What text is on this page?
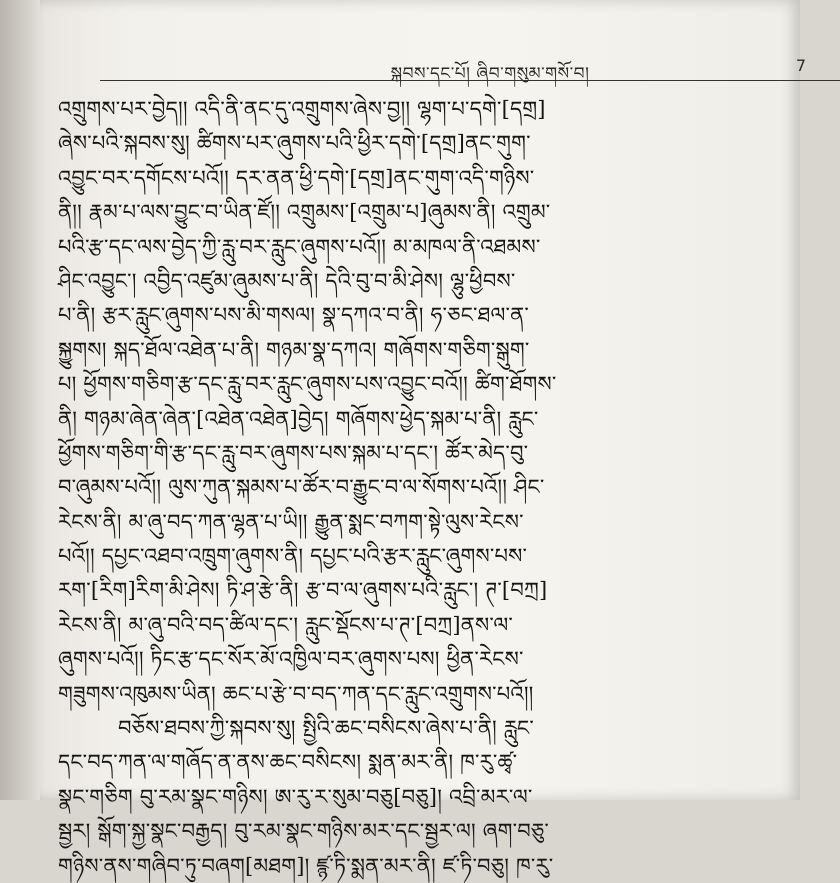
སྐབས་དང་པོ། ཞིབ་གསུམ་གསོ་བ།	7
འགྲུགས་པར་བྱེད།། འདི་ནི་ནང་དུ་འགྲུགས་ཞེས་བྱ།། ལྷག་པ་དགེ་[དགྲ]
ཞེས་པའི་སྐབས་སུ། ཚིགས་པར་ཞུགས་པའི་ཕྱིར་དགེ་[དགྲ]ནང་གུག་
འབྱུང་བར་དགོངས་པའོ།། དར་ནན་ཕྱི་དགེ་[དགྲ]ནང་གུག་འདི་གཉིས་
ནི།། རྣམ་པ་ལས་བྱུང་བ་ཡིན་ཛོ།། འགྲུམས་[འགྲུམ་པ]ཞུམས་ནི། འགྲུམ་
པའི་རྩ་དང་ལས་བྱེད་ཀྱི་རླུ་བར་རླུང་ཞུགས་པའོ།། མ་མཁལ་ནི་འཐམས་
ཤིང་འབྱུང་། འབྱིད་འཛུམ་ཞུམས་པ་ནི། དེའི་བུ་བ་མི་ཤེས། ལྷུ་ཕྱིབས་
པ་ནི། རྩར་རླུང་ཞུགས་པས་མི་གསལ། སྣ་དཀའ་བ་ནི། ཧ་ཅང་ཐལ་ན་
སྐྱུགས། སྐད་ཐོལ་འཐེན་པ་ནི། གཉམ་སྣ་དཀའ། གཞོགས་གཅིག་སྒུག་
པ། ཕྱོགས་གཅིག་རྩ་དང་རླུ་བར་རླུང་ཞུགས་པས་འབྱུང་བའོ།། ཚིག་ཐོགས་
ནི། གཉམ་ཞེན་ཞེན་[འཐེན་འཐེན]བྱེད། གཞོགས་ཕྱེད་སྐམ་པ་ནི། རླུང་
ཕྱོགས་གཅིག་གི་རྩ་དང་རླུ་བར་ཞུགས་པས་སྐམ་པ་དང་། ཚོར་མེད་བུ་
བ་ཞུམས་པའོ།། ལུས་ཀུན་སྐམས་པ་ཚོར་བ་རྒྱུང་བ་ལ་སོགས་པའོ།། ཤིང་
རེངས་ནི། མ་ཞུ་བད་ཀན་ལྷན་པ་ཡི།། རྒྱུན་སྨང་བཀག་སྟེ་ལུས་རེངས་
པའོ།། དཔྱང་འཐབ་འཁྲུག་ཞུགས་ནི། དཔྱང་པའི་རྩར་རླུང་ཞུགས་པས་
རག་[རིག]རིག་མི་ཤེས། ཏི་ཤ་རྩེ་ནི། རྩ་བ་ལ་ཞུགས་པའི་རླུང་། ཊ་[བཀྲ]
རེངས་ནི། མ་ཞུ་བའི་བད་ཚིལ་དང་། རླུང་སྡོངས་པ་ཊ་[བཀྲ]ནས་ལ་
ཞུགས་པའོ།། ཏིང་རྩ་དང་སོར་མོ་འཁྱིལ་བར་ཞུགས་པས། ཕྱིན་རེངས་
གཟུགས་འཁུམས་ཡིན། ཆང་པ་རྩེ་བ་བད་ཀན་དང་རླུང་འགྲུགས་པའོ།།
བཅོས་ཐབས་ཀྱི་སྐབས་སུ། སྤྱིའི་ཆང་བསིངས་ཞེས་པ་ནི། རླུང་
དང་བད་ཀན་ལ་གཞོད་ན་ནས་ཆང་བསིངས། སྨན་མར་ནི། ཁ་རུ་ཚྭ་
སྣང་གཅིག བུ་རམ་སྣང་གཉིས། ཨ་རུ་ར་སུམ་བཅུ[བཅུ]། འབྲི་མར་ལ་
སྦྱར། སྒོག་སྐྱ་སྣང་བརྒྱད། བུ་རམ་སྣང་གཉིས་མར་དང་སྦྱར་ལ། ཞག་བཅུ་
གཉིས་ནས་གཞིབ་ཏུ་བཞག[མཐག]། ཛྙ་ཏི་སྨན་མར་ནི། ཛ་ཏི་བཅུ། ཁ་རུ་
